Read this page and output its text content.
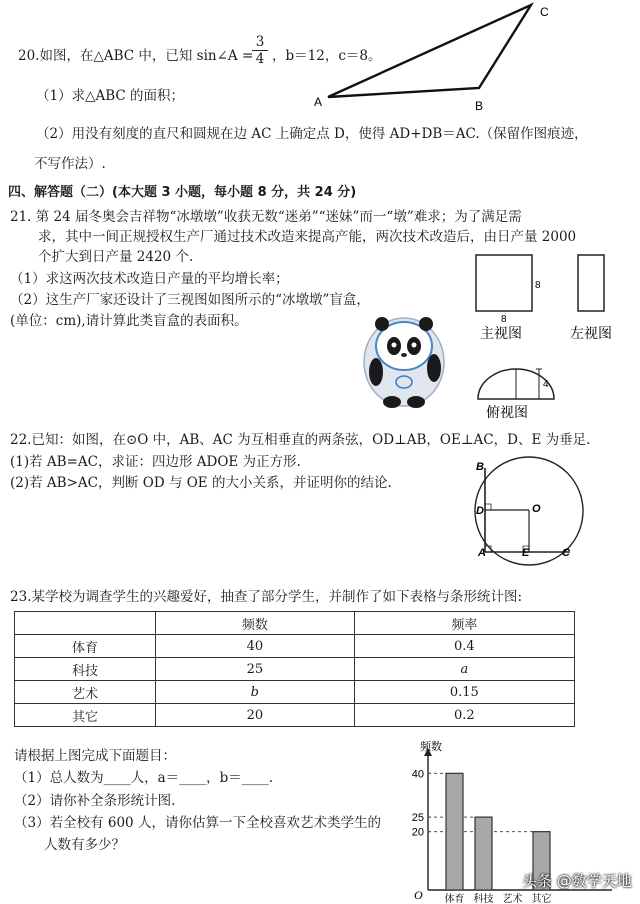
20.如图，在△ABC 中，已知 sin∠A =
$\frac{3}{4}$ ，b＝12，c＝8。
（1）求△ABC 的面积；
（2）用没有刻度的直尺和圆规在边 AC 上确定点 D，使得 AD+DB＝AC.（保留作图痕迹，
不写作法）.
A	B
C
四、解答题（二）(本大题 3 小题，每小题 8 分，共 24 分)
21. 第 24 届冬奥会吉祥物“冰墩墩”收获无数“迷弟”“迷妹”而一“墩”难求；为了满足需
求，其中一间正规授权生产厂通过技术改造来提高产能，两次技术改造后，由日产量 2000
个扩大到日产量 2420 个.
（1）求这两次技术改造日产量的平均增长率；
（2）这生产厂家还设计了三视图如图所示的“冰墩墩”盲盒，
(单位：cm),请计算此类盲盒的表面积。
8
8
主视图	左视图
4
俯视图
22.已知：如图，在⊙O 中，AB、AC 为互相垂直的两条弦，OD⊥AB，OE⊥AC，D、E 为垂足.
(1)若 AB=AC，求证：四边形 ADOE 为正方形.
(2)若 AB>AC，判断 OD 与 OE 的大小关系，并证明你的结论.
B
D	O
A	E	C
23.某学校为调查学生的兴趣爱好，抽查了部分学生，并制作了如下表格与条形统计图:
	频数	频率
体育	40	0.4
科技	25	a
艺术	b	0.15
其它	20	0.2
请根据上图完成下面题目：
（1）总人数为____人，a＝____，b＝____.
（2）请你补全条形统计图.
（3）若全校有 600 人，请你估算一下全校喜欢艺术类学生的
人数有多少？
频数
O
20
25
40
体育 科技 艺术 其它
头条 @数学天地
